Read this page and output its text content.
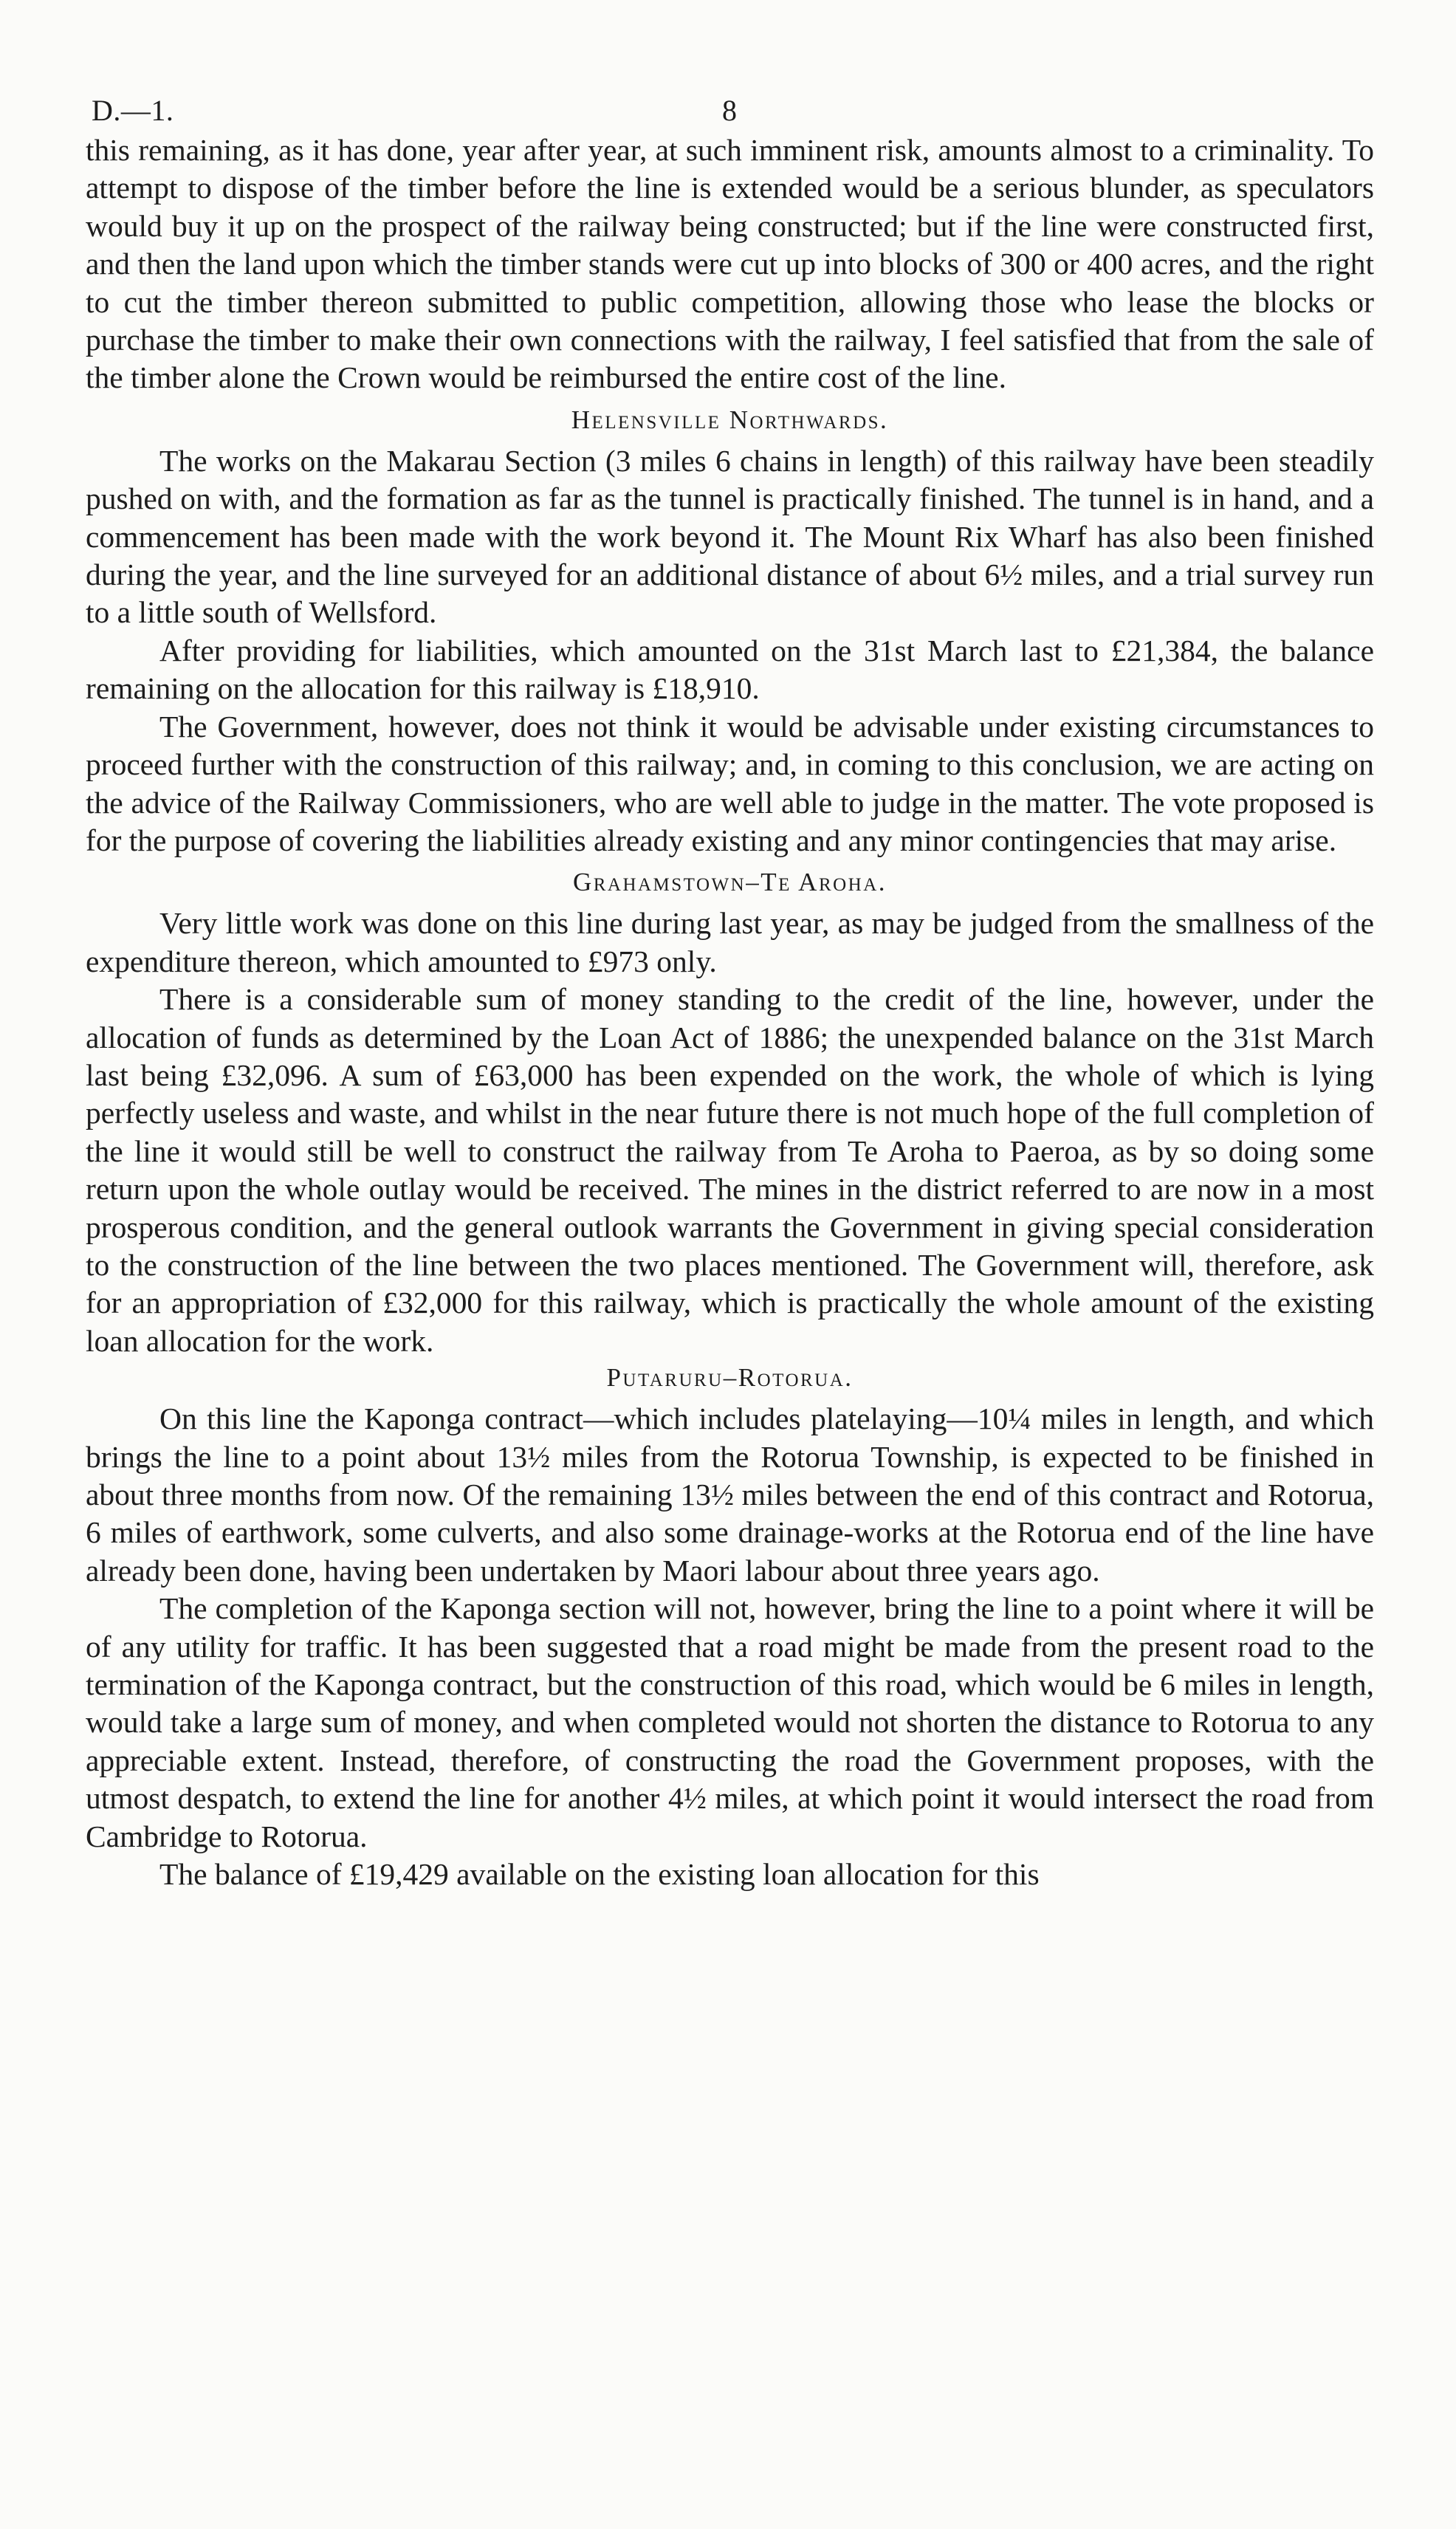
D.—1.	8

this remaining, as it has done, year after year, at such imminent risk, amounts almost to a criminality. To attempt to dispose of the timber before the line is extended would be a serious blunder, as speculators would buy it up on the prospect of the railway being constructed; but if the line were constructed first, and then the land upon which the timber stands were cut up into blocks of 300 or 400 acres, and the right to cut the timber thereon submitted to public competition, allowing those who lease the blocks or purchase the timber to make their own connections with the railway, I feel satisfied that from the sale of the timber alone the Crown would be reimbursed the entire cost of the line.

Helensville Northwards.

The works on the Makarau Section (3 miles 6 chains in length) of this railway have been steadily pushed on with, and the formation as far as the tunnel is practically finished. The tunnel is in hand, and a commencement has been made with the work beyond it. The Mount Rix Wharf has also been finished during the year, and the line surveyed for an additional distance of about 6½ miles, and a trial survey run to a little south of Wellsford.

After providing for liabilities, which amounted on the 31st March last to £21,384, the balance remaining on the allocation for this railway is £18,910.

The Government, however, does not think it would be advisable under existing circumstances to proceed further with the construction of this railway; and, in coming to this conclusion, we are acting on the advice of the Railway Commissioners, who are well able to judge in the matter. The vote proposed is for the purpose of covering the liabilities already existing and any minor contingencies that may arise.

Grahamstown–Te Aroha.

Very little work was done on this line during last year, as may be judged from the smallness of the expenditure thereon, which amounted to £973 only.

There is a considerable sum of money standing to the credit of the line, however, under the allocation of funds as determined by the Loan Act of 1886; the unexpended balance on the 31st March last being £32,096. A sum of £63,000 has been expended on the work, the whole of which is lying perfectly useless and waste, and whilst in the near future there is not much hope of the full completion of the line it would still be well to construct the railway from Te Aroha to Paeroa, as by so doing some return upon the whole outlay would be received. The mines in the district referred to are now in a most prosperous condition, and the general outlook warrants the Government in giving special consideration to the construction of the line between the two places mentioned. The Government will, therefore, ask for an appropriation of £32,000 for this railway, which is practically the whole amount of the existing loan allocation for the work.

Putaruru–Rotorua.

On this line the Kaponga contract—which includes platelaying—10¼ miles in length, and which brings the line to a point about 13½ miles from the Rotorua Township, is expected to be finished in about three months from now. Of the remaining 13½ miles between the end of this contract and Rotorua, 6 miles of earthwork, some culverts, and also some drainage-works at the Rotorua end of the line have already been done, having been undertaken by Maori labour about three years ago.

The completion of the Kaponga section will not, however, bring the line to a point where it will be of any utility for traffic. It has been suggested that a road might be made from the present road to the termination of the Kaponga contract, but the construction of this road, which would be 6 miles in length, would take a large sum of money, and when completed would not shorten the distance to Rotorua to any appreciable extent. Instead, therefore, of constructing the road the Government proposes, with the utmost despatch, to extend the line for another 4½ miles, at which point it would intersect the road from Cambridge to Rotorua.

The balance of £19,429 available on the existing loan allocation for this
